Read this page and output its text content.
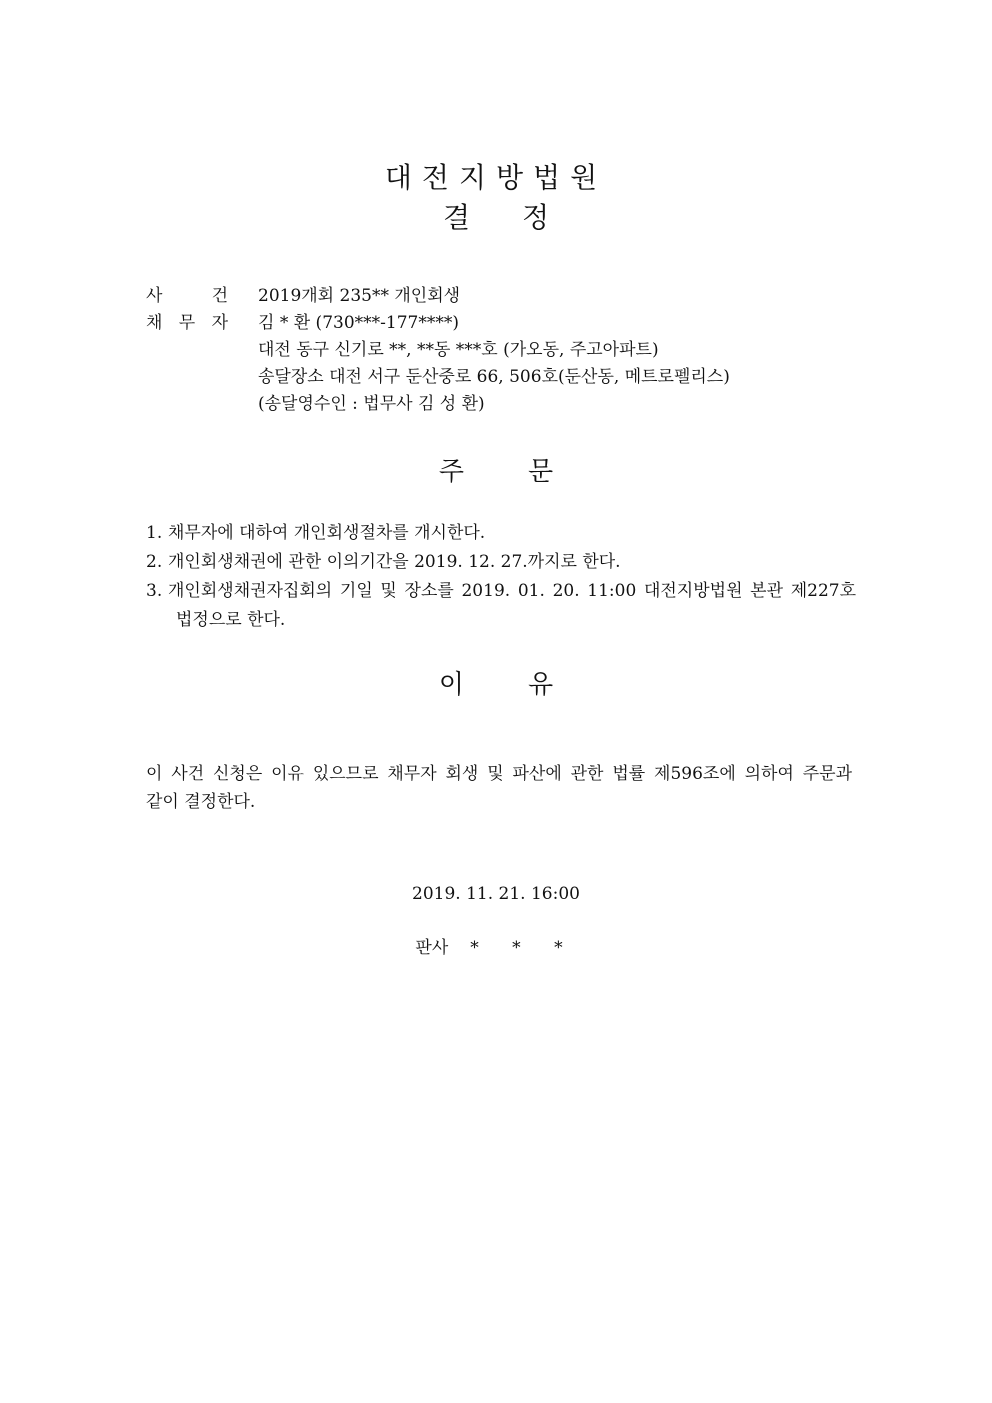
대전지방법원
결정
사	건 2019개회 235** 개인회생
채 무 자 김 * 환 (730***-177****)
대전 동구 신기로 **, **동 ***호 (가오동, 주고아파트)
송달장소 대전 서구 둔산중로 66, 506호(둔산동, 메트로펠리스)
(송달영수인 : 법무사 김 성 환)
주 문
1. 채무자에 대하여 개인회생절차를 개시한다.
2. 개인회생채권에 관한 이의기간을 2019. 12. 27.까지로 한다.
3. 개인회생채권자집회의 기일 및 장소를 2019. 01. 20. 11:00 대전지방법원 본관 제227호
법정으로 한다.
이 유
이 사건 신청은 이유 있으므로 채무자 회생 및 파산에 관한 법률 제596조에 의하여 주문과
같이 결정한다.
2019. 11. 21. 16:00
판사 * * *
